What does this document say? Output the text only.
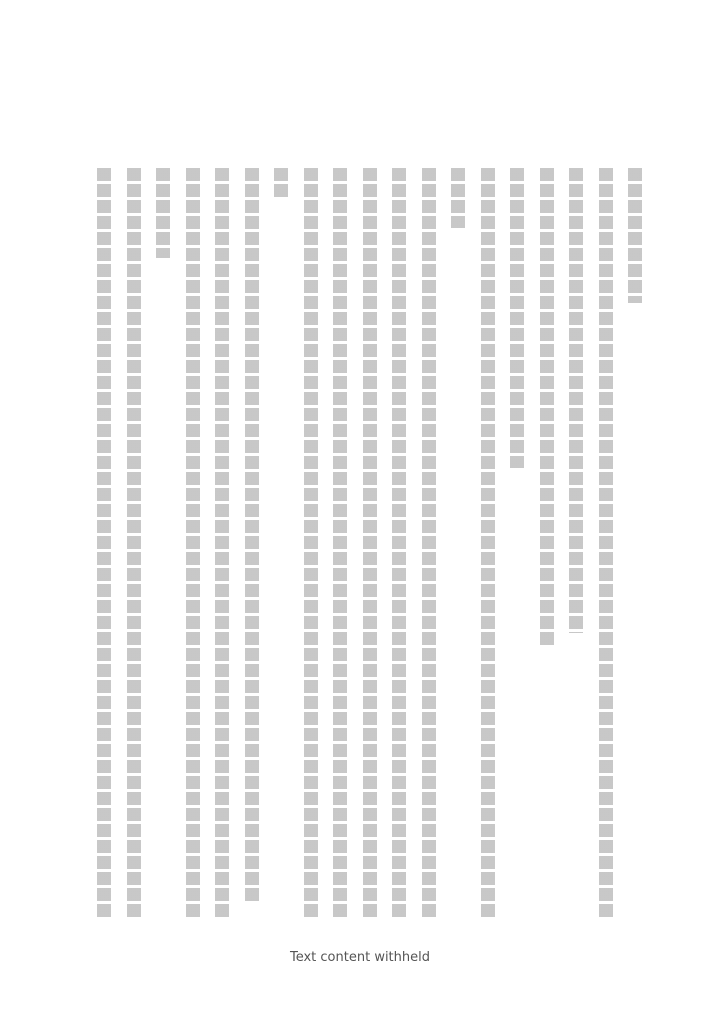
Text content withheld
